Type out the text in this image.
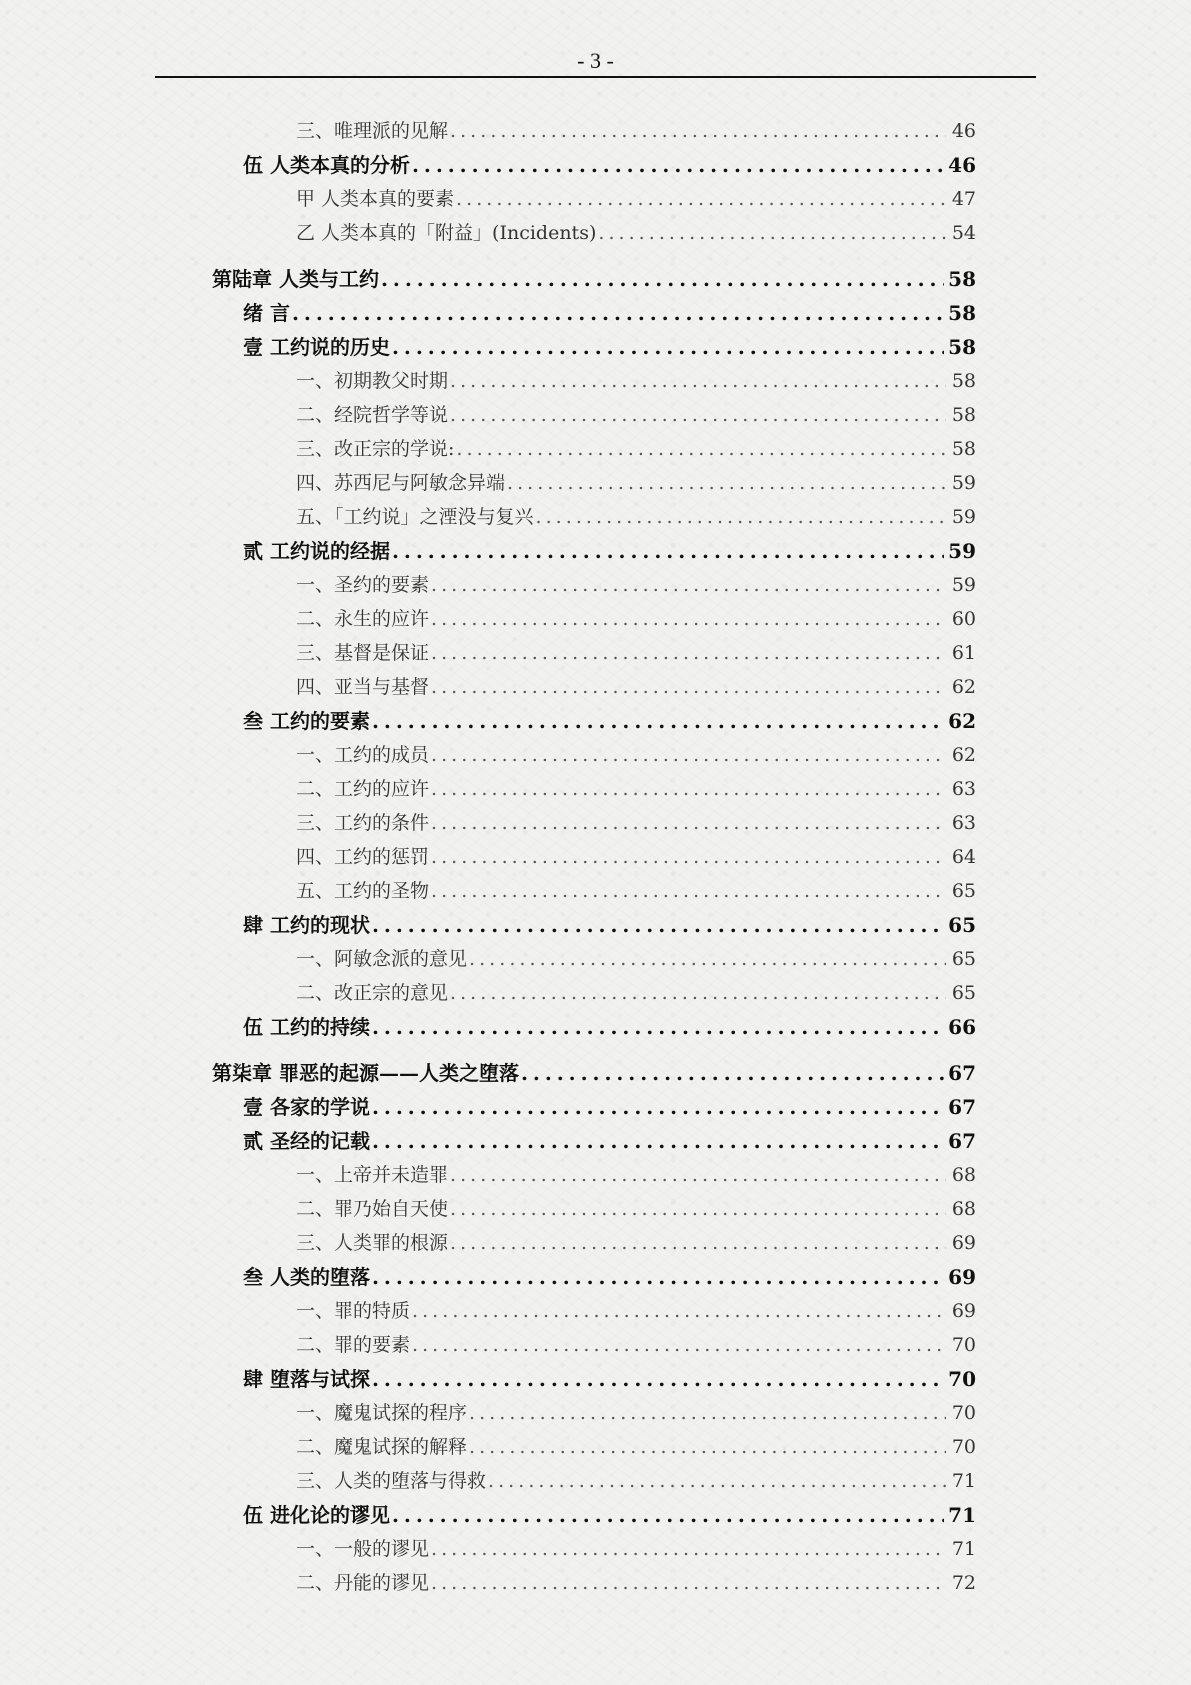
- 3 -
三、唯理派的见解 . . .	46
伍 人类本真的分析 . . .	46
甲 人类本真的要素 . . .	47
乙 人类本真的「附益」(Incidents) . . .	54
第陆章 人类与工约 . . .	58
绪 言 . . .	58
壹 工约说的历史 . . .	58
一、初期教父时期 . . .	58
二、经院哲学等说 . . .	58
三、改正宗的学说: . . .	58
四、苏西尼与阿敏念异端 . . .	59
五、「工约说」之湮没与复兴 . . .	59
贰 工约说的经据 . . .	59
一、圣约的要素 . . .	59
二、永生的应许 . . .	60
三、基督是保证 . . .	61
四、亚当与基督 . . .	62
叁 工约的要素 . . .	62
一、工约的成员 . . .	62
二、工约的应许 . . .	63
三、工约的条件 . . .	63
四、工约的惩罚 . . .	64
五、工约的圣物 . . .	65
肆 工约的现状 . . .	65
一、阿敏念派的意见 . . .	65
二、改正宗的意见 . . .	65
伍 工约的持续 . . .	66
第柒章 罪恶的起源——人类之堕落 . . .	67
壹 各家的学说 . . .	67
贰 圣经的记载 . . .	67
一、上帝并未造罪 . . .	68
二、罪乃始自天使 . . .	68
三、人类罪的根源 . . .	69
叁 人类的堕落 . . .	69
一、罪的特质 . . .	69
二、罪的要素 . . .	70
肆 堕落与试探 . . .	70
一、魔鬼试探的程序 . . .	70
二、魔鬼试探的解释 . . .	70
三、人类的堕落与得救 . . .	71
伍 进化论的谬见 . . .	71
一、一般的谬见 . . .	71
二、丹能的谬见 . . .	72
